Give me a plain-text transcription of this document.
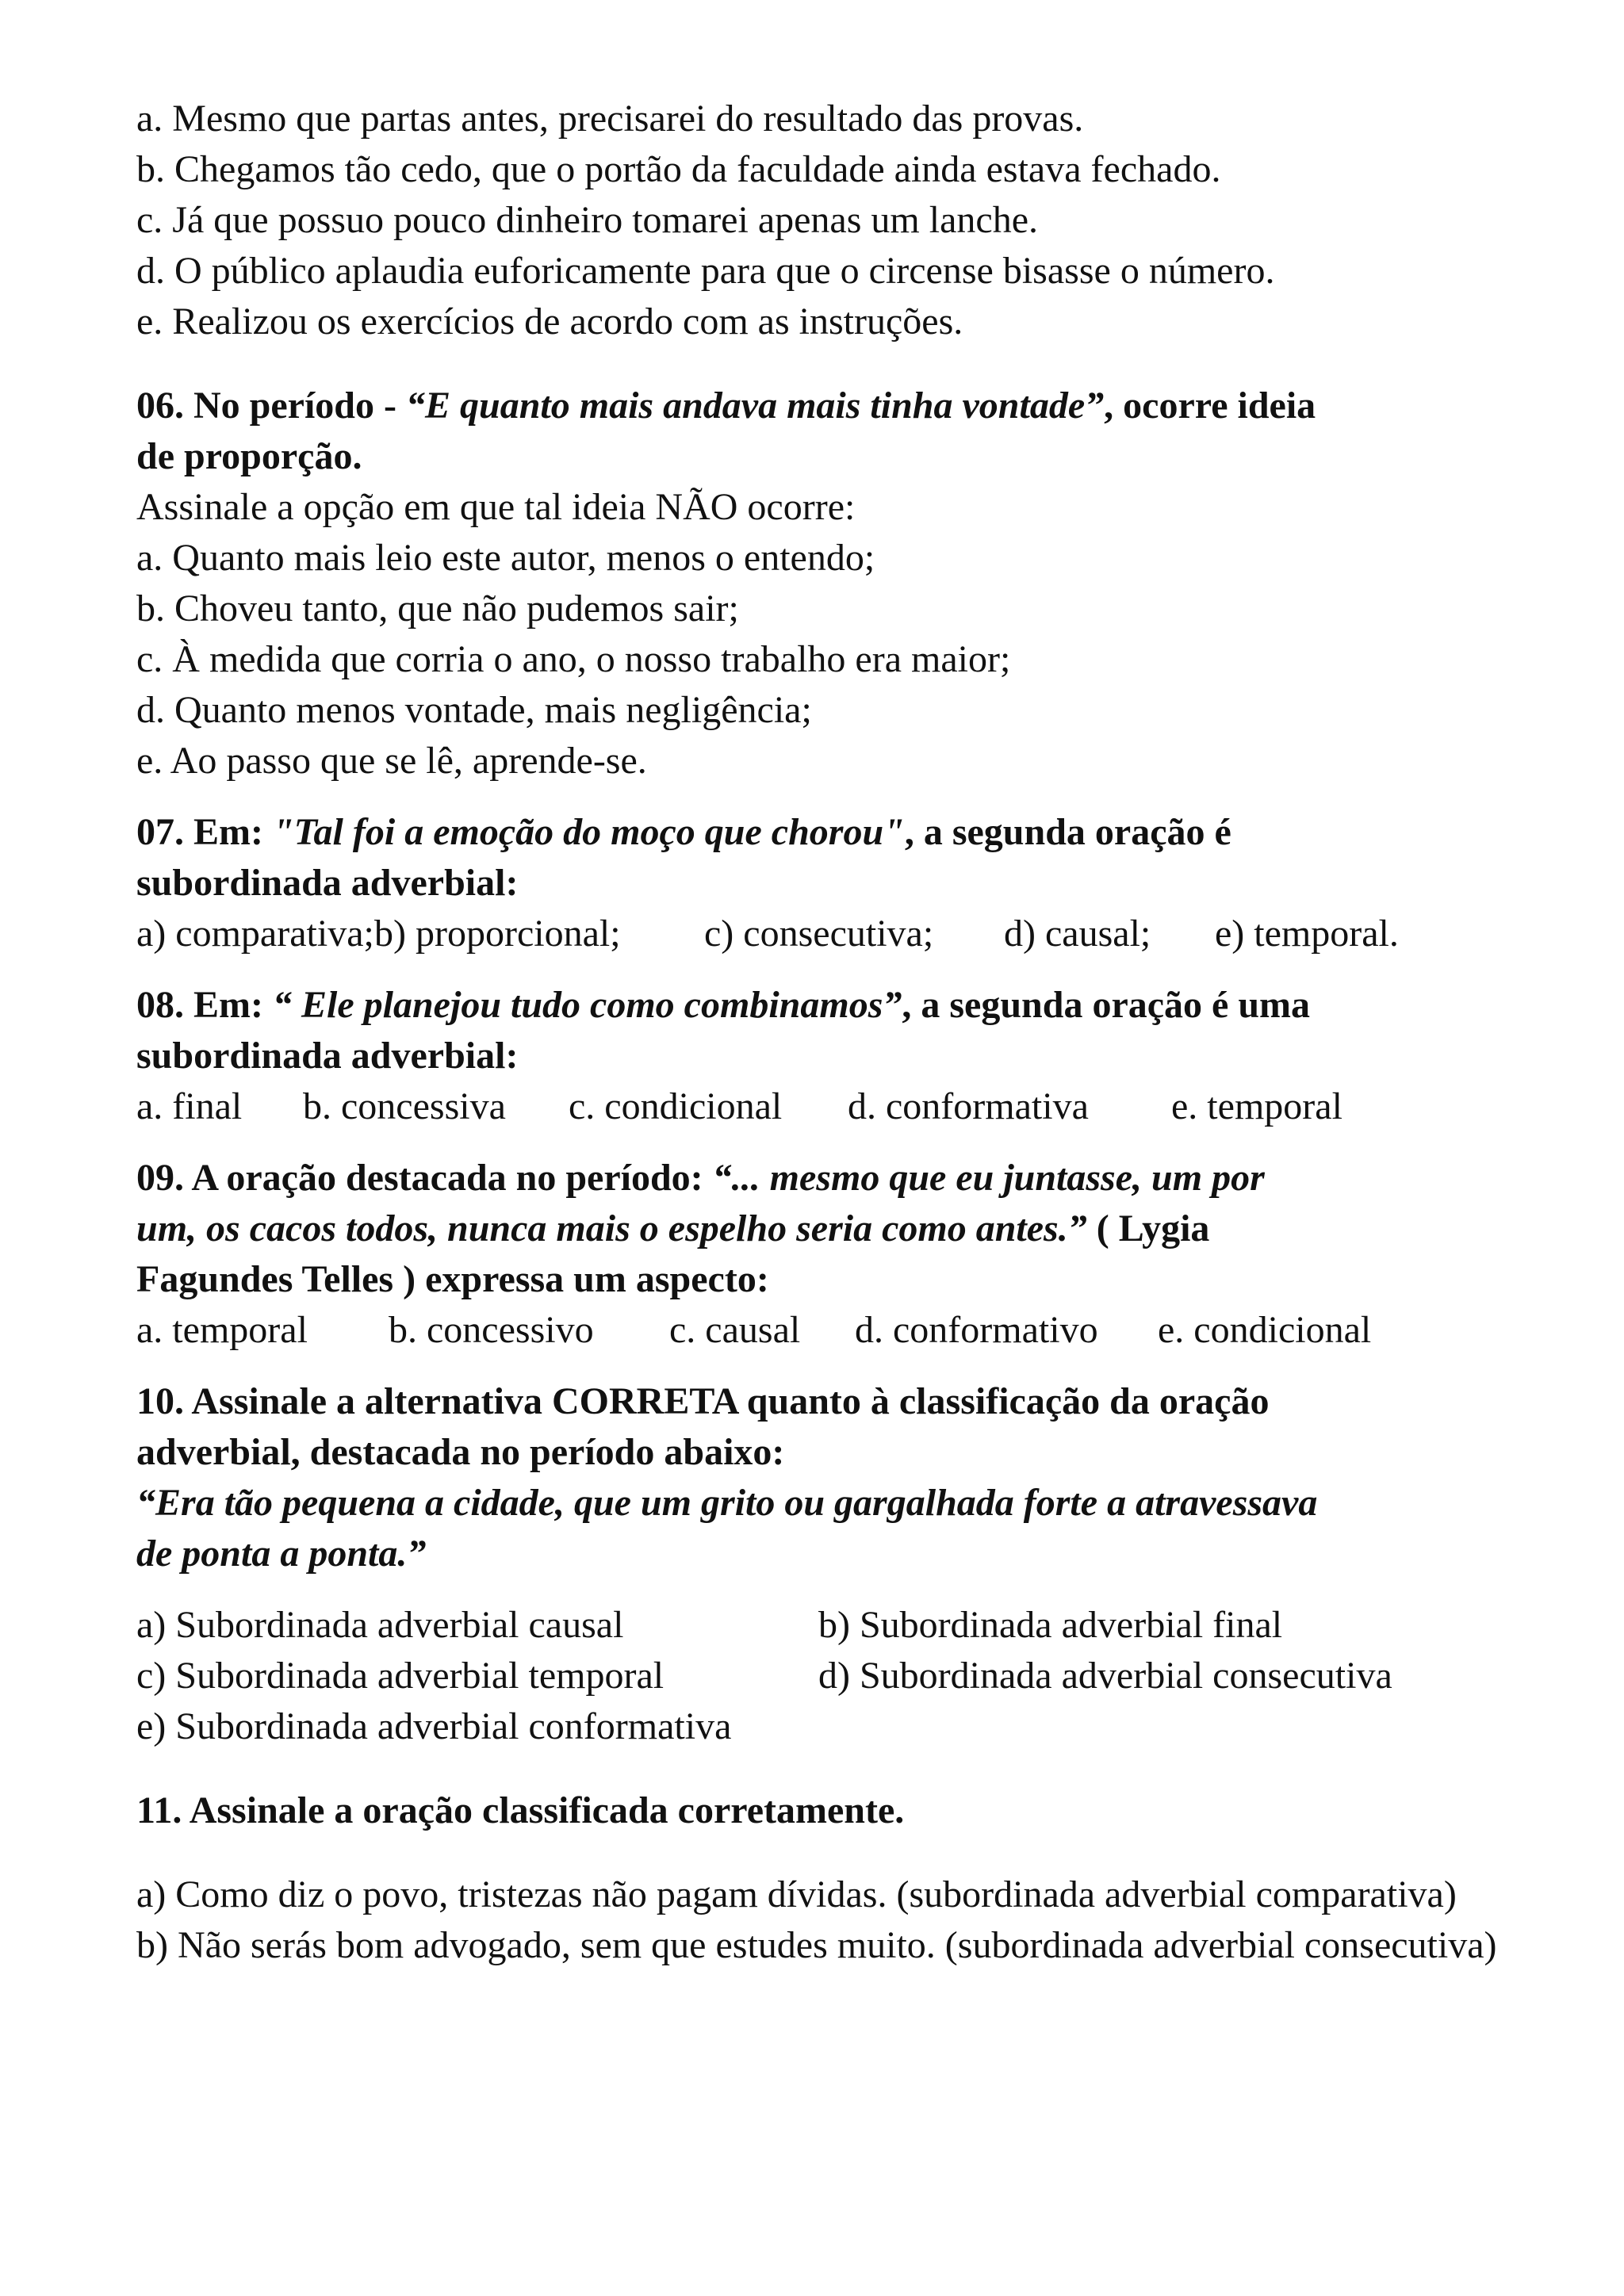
a. Mesmo que partas antes, precisarei do resultado das provas.
b. Chegamos tão cedo, que o portão da faculdade ainda estava fechado.
c. Já que possuo pouco dinheiro tomarei apenas um lanche.
d. O público aplaudia euforicamente para que o circense bisasse o número.
e. Realizou os exercícios de acordo com as instruções.
06. No período - “E quanto mais andava mais tinha vontade”, ocorre ideia
de proporção.
Assinale a opção em que tal ideia NÃO ocorre:
a. Quanto mais leio este autor, menos o entendo;
b. Choveu tanto, que não pudemos sair;
c. À medida que corria o ano, o nosso trabalho era maior;
d. Quanto menos vontade, mais negligência;
e. Ao passo que se lê, aprende-se.
07. Em: "Tal foi a emoção do moço que chorou", a segunda oração é
subordinada adverbial:
a) comparativa; b) proporcional;	c) consecutiva;	d) causal;	e) temporal.
08. Em: “ Ele planejou tudo como combinamos”, a segunda oração é uma
subordinada adverbial:
a. final	b. concessiva	c. condicional	d. conformativa	e. temporal
09. A oração destacada no período: “... mesmo que eu juntasse, um por
um, os cacos todos, nunca mais o espelho seria como antes.” ( Lygia
Fagundes Telles ) expressa um aspecto:
a. temporal	b. concessivo	c. causal	d. conformativo	e. condicional
10. Assinale a alternativa CORRETA quanto à classificação da oração
adverbial, destacada no período abaixo:
“Era tão pequena a cidade, que um grito ou gargalhada forte a atravessava
de ponta a ponta.”
a) Subordinada adverbial causal	b) Subordinada adverbial final
c) Subordinada adverbial temporal	d) Subordinada adverbial consecutiva
e) Subordinada adverbial conformativa
11. Assinale a oração classificada corretamente.
a) Como diz o povo, tristezas não pagam dívidas. (subordinada adverbial comparativa)
b) Não serás bom advogado, sem que estudes muito. (subordinada adverbial consecutiva)
